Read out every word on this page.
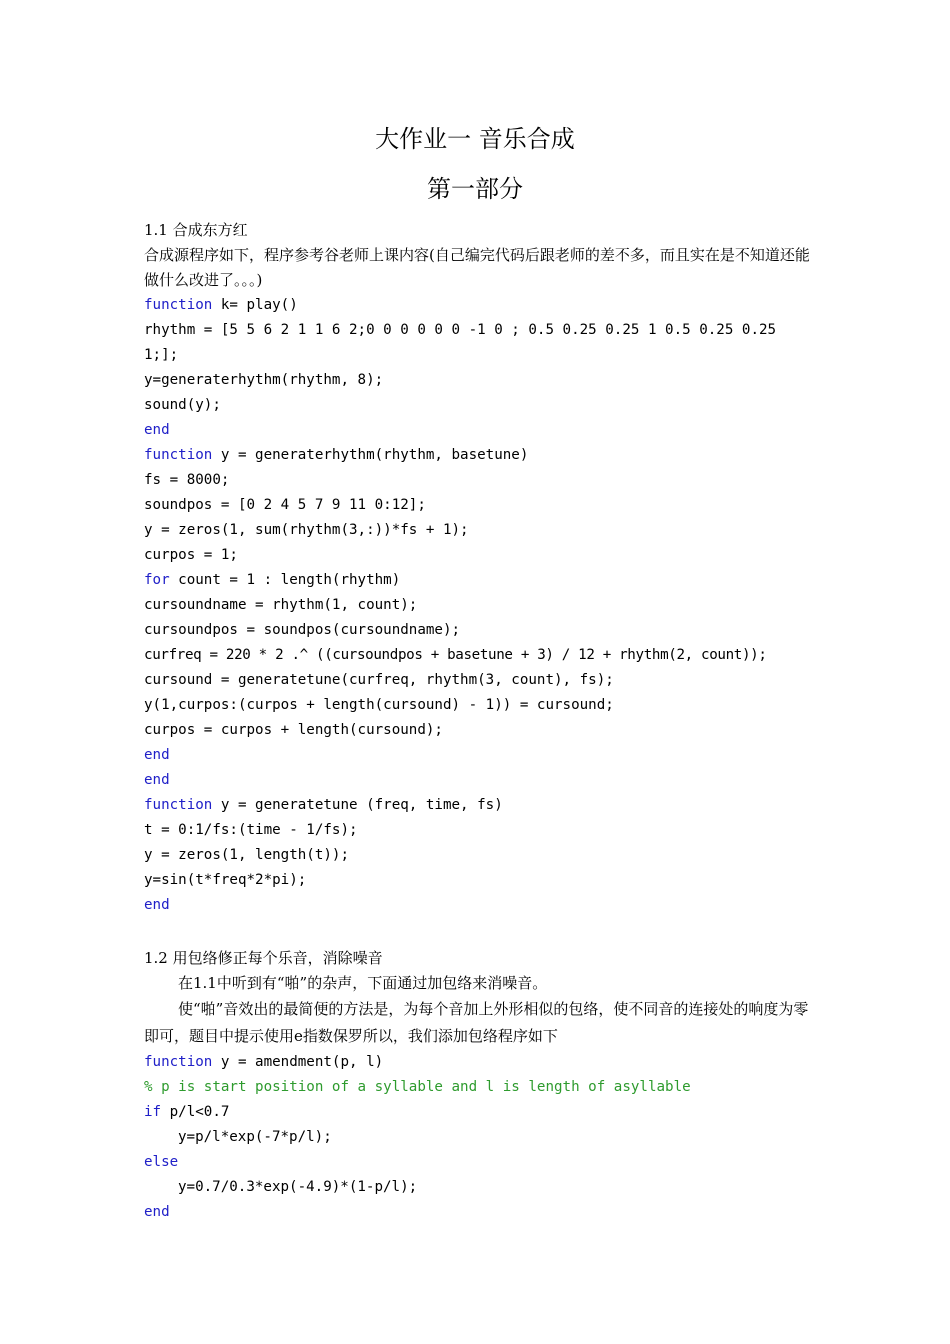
大作业一 音乐合成
第一部分
1.1 合成东方红
合成源程序如下，程序参考谷老师上课内容(自己编完代码后跟老师的差不多，而且实在是不知道还能做什么改进了。。。)
function k= play()
rhythm = [5 5 6 2 1 1 6 2;0 0 0 0 0 0 -1 0 ; 0.5 0.25 0.25 1 0.5 0.25 0.25 1;];
y=generaterhythm(rhythm, 8);
sound(y);
end
function y = generaterhythm(rhythm, basetune)
fs = 8000;
soundpos = [0 2 4 5 7 9 11 0:12];
y = zeros(1, sum(rhythm(3,:))*fs + 1);
curpos = 1;
for count = 1 : length(rhythm)
cursoundname = rhythm(1, count);
cursoundpos = soundpos(cursoundname);
curfreq = 220 * 2 .^ ((cursoundpos + basetune + 3) / 12 + rhythm(2, count));
cursound = generatetune(curfreq, rhythm(3, count), fs);
y(1,curpos:(curpos + length(cursound) - 1)) = cursound;
curpos = curpos + length(cursound);
end
end
function y = generatetune (freq, time, fs)
t = 0:1/fs:(time - 1/fs);
y = zeros(1, length(t));
y=sin(t*freq*2*pi);
end
1.2 用包络修正每个乐音，消除噪音
在1.1中听到有“啪”的杂声，下面通过加包络来消噪音。
使“啪”音效出的最简便的方法是，为每个音加上外形相似的包络，使不同音的连接处的响度为零即可，题目中提示使用e指数保罗所以，我们添加包络程序如下
function y = amendment(p, l)
% p is start position of a syllable and l is length of asyllable
if p/l<0.7
y=p/l*exp(-7*p/l);
else
y=0.7/0.3*exp(-4.9)*(1-p/l);
end
